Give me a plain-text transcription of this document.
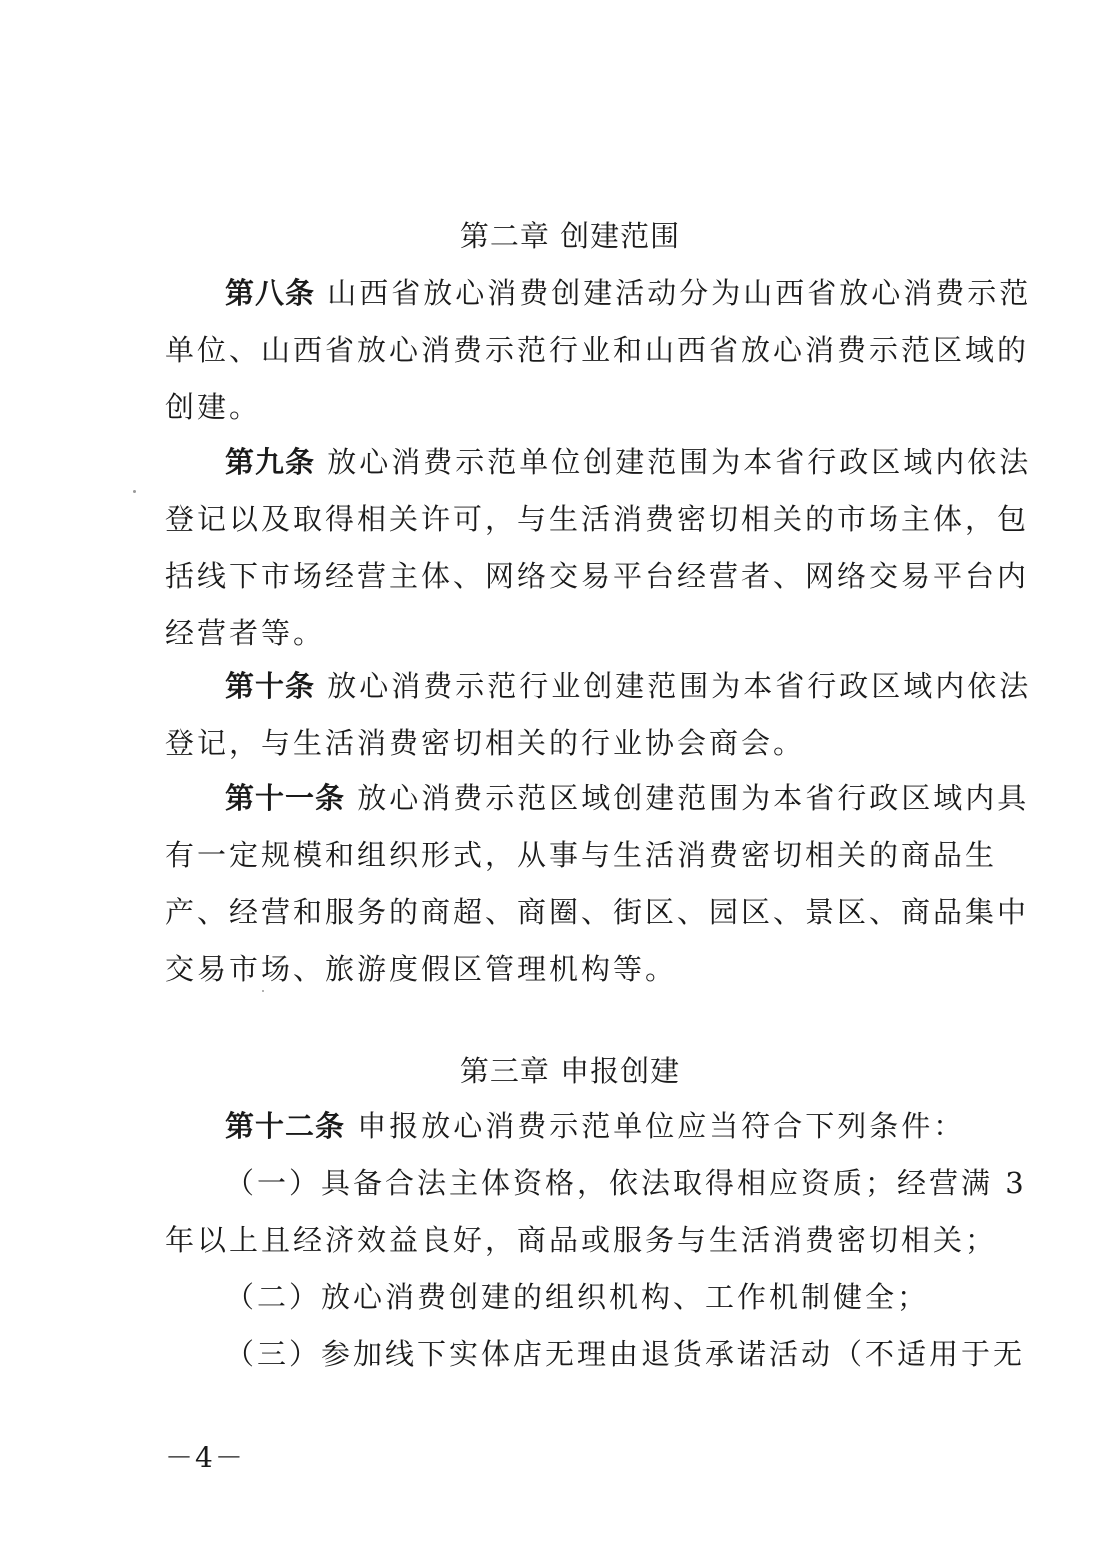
第二章 创建范围
第八条 山西省放心消费创建活动分为山西省放心消费示范
单位、山西省放心消费示范行业和山西省放心消费示范区域的
创建。
第九条 放心消费示范单位创建范围为本省行政区域内依法
登记以及取得相关许可，与生活消费密切相关的市场主体，包
括线下市场经营主体、网络交易平台经营者、网络交易平台内
经营者等。
第十条 放心消费示范行业创建范围为本省行政区域内依法
登记，与生活消费密切相关的行业协会商会。
第十一条 放心消费示范区域创建范围为本省行政区域内具
有一定规模和组织形式，从事与生活消费密切相关的商品生
产、经营和服务的商超、商圈、街区、园区、景区、商品集中
交易市场、旅游度假区管理机构等。
第三章 申报创建
第十二条 申报放心消费示范单位应当符合下列条件：
（一）具备合法主体资格，依法取得相应资质；经营满 3
年以上且经济效益良好，商品或服务与生活消费密切相关；
（二）放心消费创建的组织机构、工作机制健全；
（三）参加线下实体店无理由退货承诺活动（不适用于无
－4－
